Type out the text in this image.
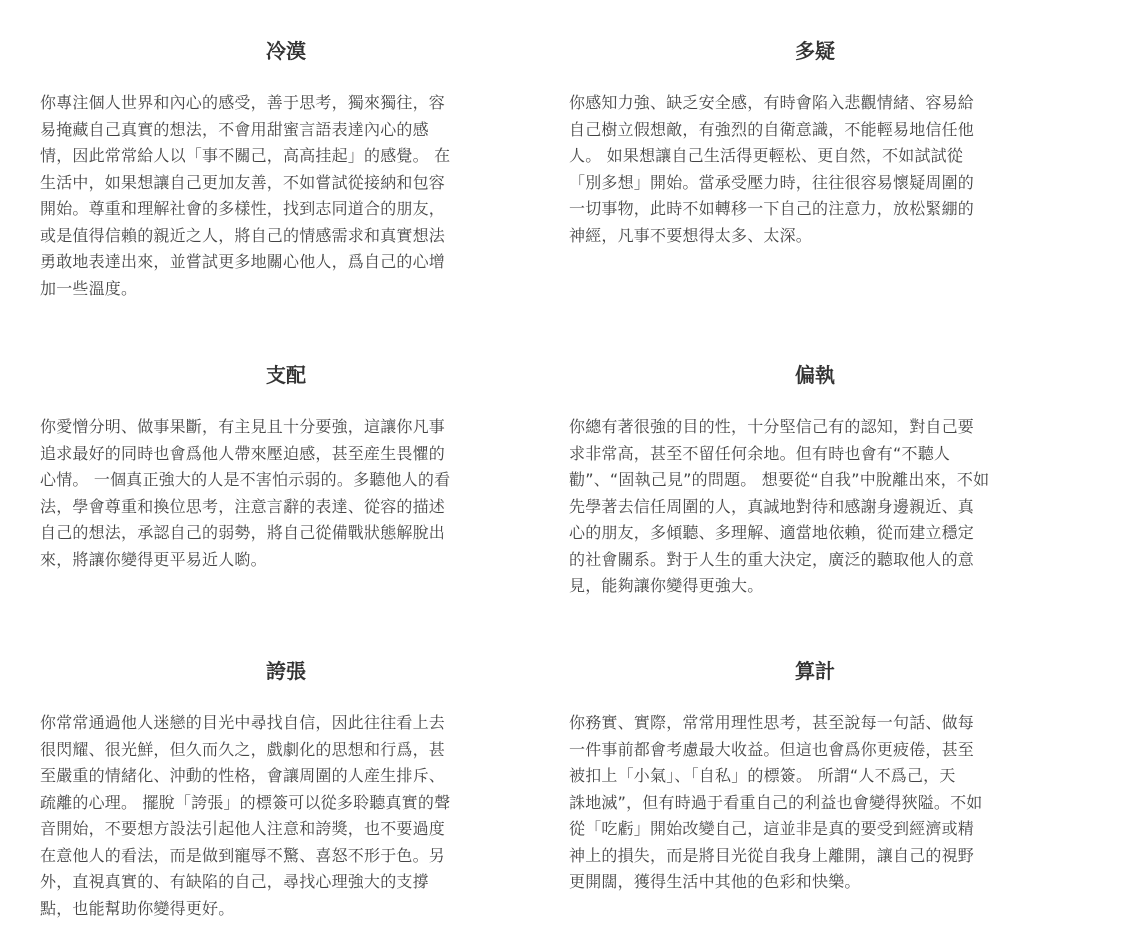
冷漠

你專注個人世界和內心的感受，善于思考，獨來獨往，容
易掩藏自己真實的想法，不會用甜蜜言語表達內心的感
情，因此常常給人以「事不關己，高高挂起」的感覺。 在
生活中，如果想讓自己更加友善，不如嘗試從接納和包容
開始。尊重和理解社會的多樣性，找到志同道合的朋友，
或是值得信賴的親近之人，將自己的情感需求和真實想法
勇敢地表達出來，並嘗試更多地關心他人，爲自己的心增
加一些溫度。

多疑

你感知力強、缺乏安全感，有時會陷入悲觀情緒、容易給
自己樹立假想敵，有強烈的自衛意識，不能輕易地信任他
人。 如果想讓自己生活得更輕松、更自然，不如試試從
「別多想」開始。當承受壓力時，往往很容易懷疑周圍的
一切事物，此時不如轉移一下自己的注意力，放松緊綳的
神經，凡事不要想得太多、太深。

支配

你愛憎分明、做事果斷，有主見且十分要強，這讓你凡事
追求最好的同時也會爲他人帶來壓迫感，甚至産生畏懼的
心情。 一個真正強大的人是不害怕示弱的。多聽他人的看
法，學會尊重和換位思考，注意言辭的表達、從容的描述
自己的想法，承認自己的弱勢，將自己從備戰狀態解脫出
來，將讓你變得更平易近人喲。

偏執

你總有著很強的目的性，十分堅信己有的認知，對自己要
求非常高，甚至不留任何余地。但有時也會有“不聽人
勸”、“固執己見”的問題。 想要從“自我”中脫離出來，不如
先學著去信任周圍的人，真誠地對待和感謝身邊親近、真
心的朋友，多傾聽、多理解、適當地依賴，從而建立穩定
的社會關系。對于人生的重大決定，廣泛的聽取他人的意
見，能夠讓你變得更強大。

誇張

你常常通過他人迷戀的目光中尋找自信，因此往往看上去
很閃耀、很光鮮，但久而久之，戲劇化的思想和行爲，甚
至嚴重的情緒化、沖動的性格，會讓周圍的人産生排斥、
疏離的心理。 擺脫「誇張」的標簽可以從多聆聽真實的聲
音開始，不要想方設法引起他人注意和誇獎，也不要過度
在意他人的看法，而是做到寵辱不驚、喜怒不形于色。另
外，直視真實的、有缺陷的自己，尋找心理強大的支撐
點，也能幫助你變得更好。

算計

你務實、實際，常常用理性思考，甚至說每一句話、做每
一件事前都會考慮最大收益。但這也會爲你更疲倦，甚至
被扣上「小氣」、「自私」的標簽。 所謂“人不爲己，天
誅地滅”，但有時過于看重自己的利益也會變得狹隘。不如
從「吃虧」開始改變自己，這並非是真的要受到經濟或精
神上的損失，而是將目光從自我身上離開，讓自己的視野
更開闊，獲得生活中其他的色彩和快樂。
